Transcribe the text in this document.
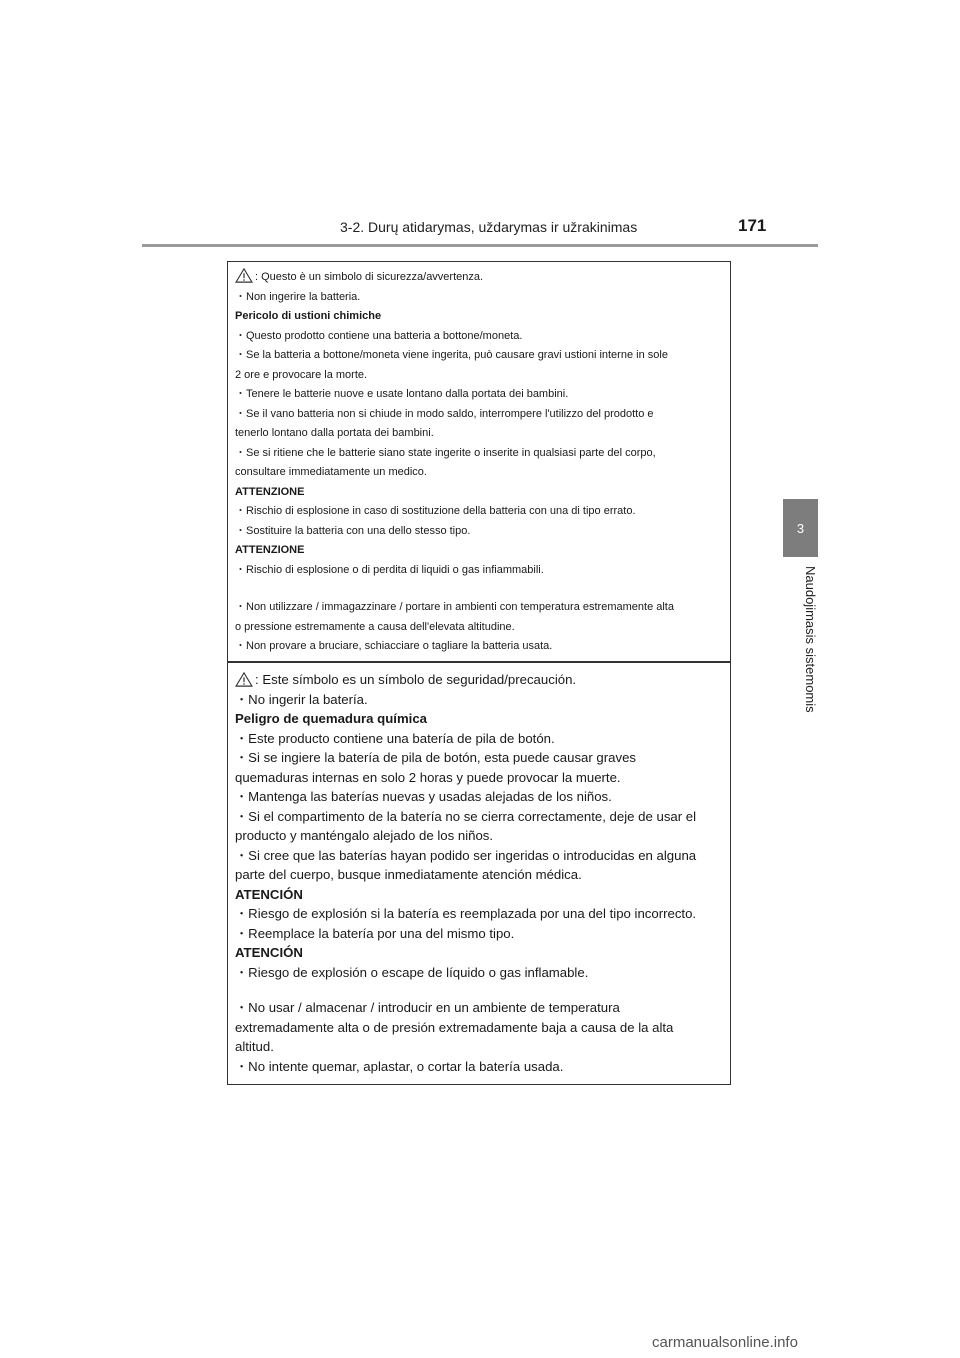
3-2. Durų atidarymas, uždarymas ir užrakinimas	171
3
Naudojimasis sistemomis
: Questo è un simbolo di sicurezza/avvertenza.
・Non ingerire la batteria.
Pericolo di ustioni chimiche
・Questo prodotto contiene una batteria a bottone/moneta.
・Se la batteria a bottone/moneta viene ingerita, può causare gravi ustioni interne in sole
2 ore e provocare la morte.
・Tenere le batterie nuove e usate lontano dalla portata dei bambini.
・Se il vano batteria non si chiude in modo saldo, interrompere l'utilizzo del prodotto e
tenerlo lontano dalla portata dei bambini.
・Se si ritiene che le batterie siano state ingerite o inserite in qualsiasi parte del corpo,
consultare immediatamente un medico.
ATTENZIONE
・Rischio di esplosione in caso di sostituzione della batteria con una di tipo errato.
・Sostituire la batteria con una dello stesso tipo.
ATTENZIONE
・Rischio di esplosione o di perdita di liquidi o gas infiammabili.
・Non utilizzare / immagazzinare / portare in ambienti con temperatura estremamente alta
o pressione estremamente a causa dell'elevata altitudine.
・Non provare a bruciare, schiacciare o tagliare la batteria usata.
: Este símbolo es un símbolo de seguridad/precaución.
・No ingerir la batería.
Peligro de quemadura química
・Este producto contiene una batería de pila de botón.
・Si se ingiere la batería de pila de botón, esta puede causar graves
quemaduras internas en solo 2 horas y puede provocar la muerte.
・Mantenga las baterías nuevas y usadas alejadas de los niños.
・Si el compartimento de la batería no se cierra correctamente, deje de usar el
producto y manténgalo alejado de los niños.
・Si cree que las baterías hayan podido ser ingeridas o introducidas en alguna
parte del cuerpo, busque inmediatamente atención médica.
ATENCIÓN
・Riesgo de explosión si la batería es reemplazada por una del tipo incorrecto.
・Reemplace la batería por una del mismo tipo.
ATENCIÓN
・Riesgo de explosión o escape de líquido o gas inflamable.
・No usar / almacenar / introducir en un ambiente de temperatura
extremadamente alta o de presión extremadamente baja a causa de la alta
altitud.
・No intente quemar, aplastar, o cortar la batería usada.
carmanualsonline.info
